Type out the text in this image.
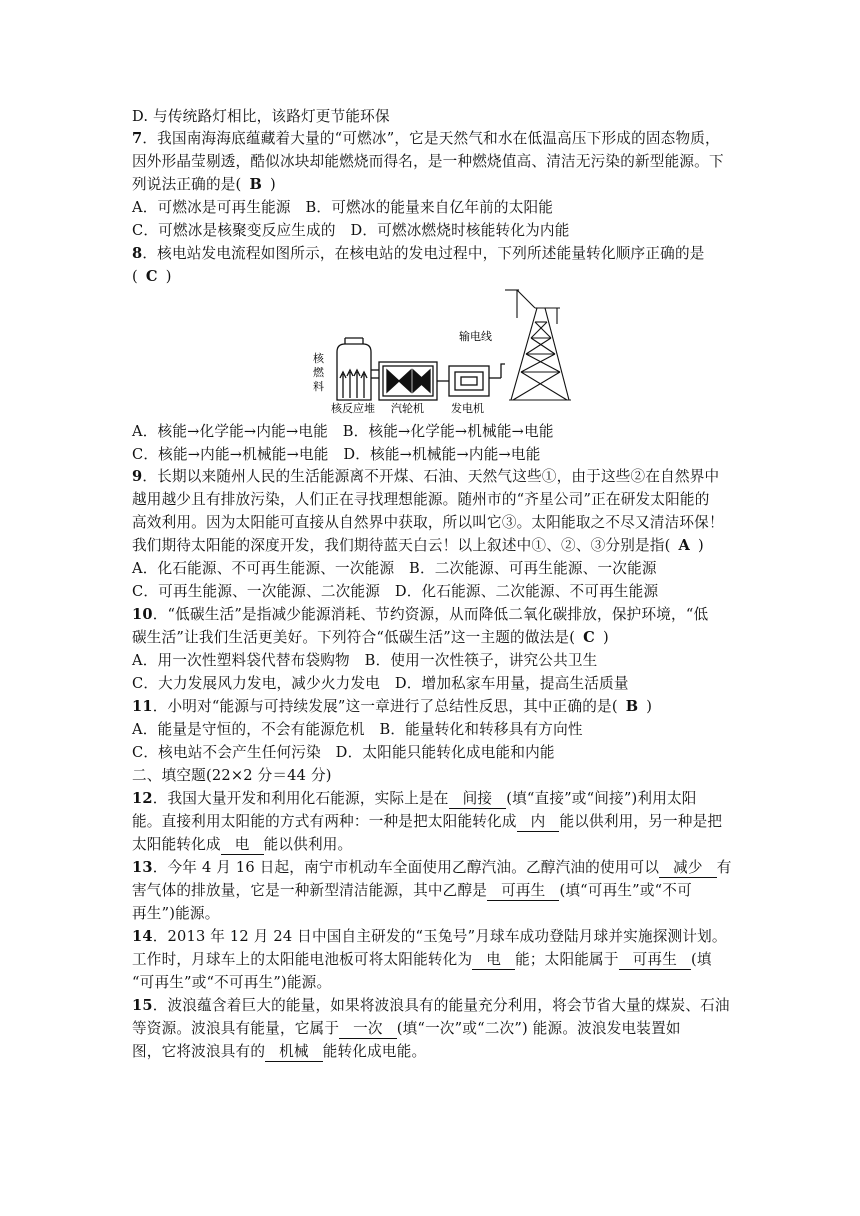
D. 与传统路灯相比，该路灯更节能环保
7．我国南海海底蕴藏着大量的“可燃冰”，它是天然气和水在低温高压下形成的固态物质，
因外形晶莹剔透，酷似冰块却能燃烧而得名，是一种燃烧值高、清洁无污染的新型能源。下
列说法正确的是( B )
A．可燃冰是可再生能源　B．可燃冰的能量来自亿年前的太阳能
C．可燃冰是核聚变反应生成的　D．可燃冰燃烧时核能转化为内能
8．核电站发电流程如图所示，在核电站的发电过程中，下列所述能量转化顺序正确的是
( C )
核
燃
料
核反应堆 汽轮机 发电机
输电线
A．核能→化学能→内能→电能　B．核能→化学能→机械能→电能
C．核能→内能→机械能→电能　D．核能→机械能→内能→电能
9．长期以来随州人民的生活能源离不开煤、石油、天然气这些①，由于这些②在自然界中
越用越少且有排放污染，人们正在寻找理想能源。随州市的“齐星公司”正在研发太阳能的
高效利用。因为太阳能可直接从自然界中获取，所以叫它③。太阳能取之不尽又清洁环保！
我们期待太阳能的深度开发，我们期待蓝天白云！以上叙述中①、②、③分别是指( A )
A．化石能源、不可再生能源、一次能源　B．二次能源、可再生能源、一次能源
C．可再生能源、一次能源、二次能源　D．化石能源、二次能源、不可再生能源
10．“低碳生活”是指减少能源消耗、节约资源，从而降低二氧化碳排放，保护环境，“低
碳生活”让我们生活更美好。下列符合“低碳生活”这一主题的做法是( C )
A．用一次性塑料袋代替布袋购物　B．使用一次性筷子，讲究公共卫生
C．大力发展风力发电，减少火力发电　D．增加私家车用量，提高生活质量
11．小明对“能源与可持续发展”这一章进行了总结性反思，其中正确的是( B )
A．能量是守恒的，不会有能源危机　B．能量转化和转移具有方向性
C．核电站不会产生任何污染　D．太阳能只能转化成电能和内能
二、填空题(22×2 分＝44 分)
12．我国大量开发和利用化石能源，实际上是在 间接 (填“直接”或“间接”)利用太阳
能。直接利用太阳能的方式有两种：一种是把太阳能转化成 内 能以供利用，另一种是把
太阳能转化成 电 能以供利用。
13．今年 4 月 16 日起，南宁市机动车全面使用乙醇汽油。乙醇汽油的使用可以 减少 有
害气体的排放量，它是一种新型清洁能源，其中乙醇是 可再生 (填“可再生”或“不可
再生”)能源。
14．2013 年 12 月 24 日中国自主研发的“玉兔号”月球车成功登陆月球并实施探测计划。
工作时，月球车上的太阳能电池板可将太阳能转化为 电 能；太阳能属于 可再生 (填
“可再生”或“不可再生”)能源。
15．波浪蕴含着巨大的能量，如果将波浪具有的能量充分利用，将会节省大量的煤炭、石油
等资源。波浪具有能量，它属于 一次 (填“一次”或“二次”) 能源。波浪发电装置如
图，它将波浪具有的 机械 能转化成电能。
